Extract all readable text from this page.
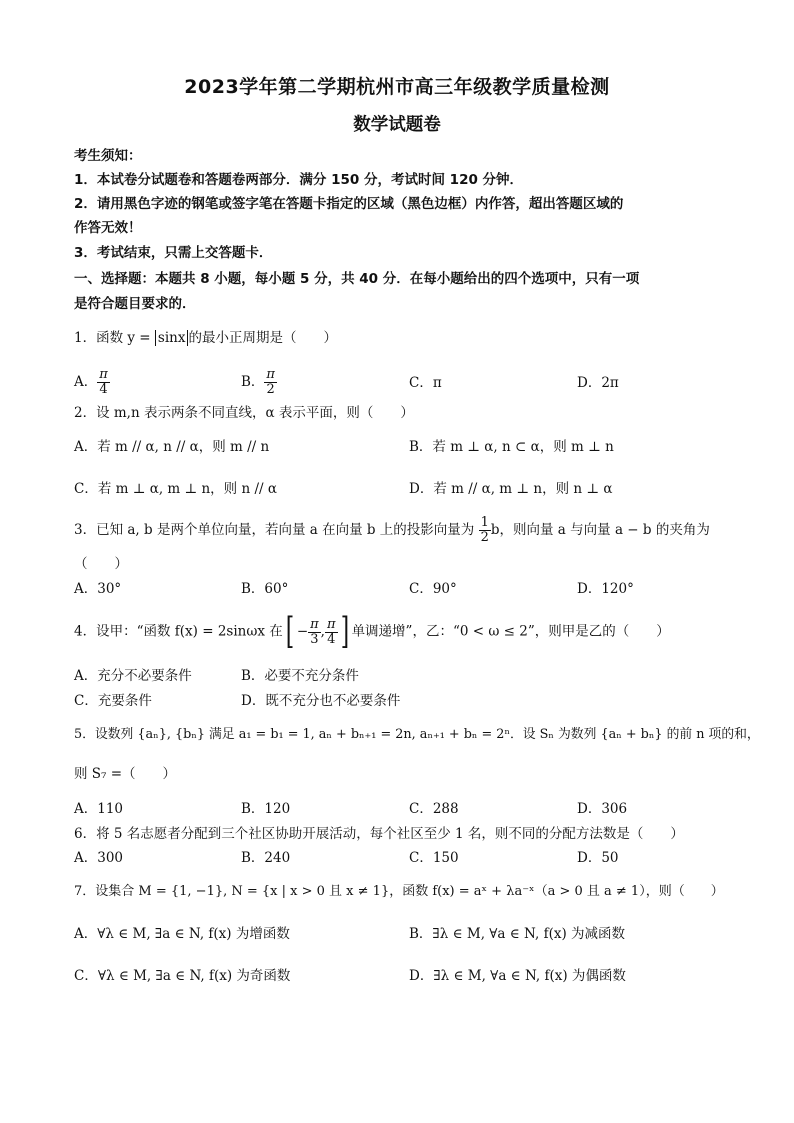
2023学年第二学期杭州市高三年级教学质量检测
数学试题卷
考生须知：
1．本试卷分试题卷和答题卷两部分．满分 150 分，考试时间 120 分钟．
2．请用黑色字迹的钢笔或签字笔在答题卡指定的区域（黑色边框）内作答，超出答题区域的
作答无效！
3．考试结束，只需上交答题卡．
一、选择题：本题共 8 小题，每小题 5 分，共 40 分．在每小题给出的四个选项中，只有一项
是符合题目要求的．
1．函数 y = sinx 的最小正周期是（　　）
A． $\frac{\pi}{4}$	B． $\frac{\pi}{2}$	C．π	D．2π
2．设 m,n 表示两条不同直线，α 表示平面，则（　　）
A．若 m // α, n // α，则 m // n	B．若 m ⊥ α, n ⊂ α，则 m ⊥ n
C．若 m ⊥ α, m ⊥ n，则 n // α	D．若 m // α, m ⊥ n，则 n ⊥ α
3．已知 a, b 是两个单位向量，若向量 a 在向量 b 上的投影向量为 $\frac{1}{2}$ b，则向量 a 与向量 a − b 的夹角为
（　　）
A．30°	B．60°	C．90°	D．120°
4．设甲：“函数 f(x) = 2sinωx 在[ − $\frac{\pi}{3}$ , $\frac{\pi}{4}$ ] 单调递增”，乙：“0 < ω ≤ 2”，则甲是乙的（　　）
A．充分不必要条件	B．必要不充分条件
C．充要条件	D．既不充分也不必要条件
5．设数列 {aₙ}, {bₙ} 满足 a₁ = b₁ = 1, aₙ + bₙ₊₁ = 2n, aₙ₊₁ + bₙ = 2ⁿ．设 Sₙ 为数列 {aₙ + bₙ} 的前 n 项的和，
则 S₇ =（　　）
A．110	B．120	C．288	D．306
6．将 5 名志愿者分配到三个社区协助开展活动，每个社区至少 1 名，则不同的分配方法数是（　　）
A．300	B．240	C．150	D．50
7．设集合 M = {1, −1}, N = {x | x > 0 且 x ≠ 1}，函数 f(x) = aˣ + λa⁻ˣ（a > 0 且 a ≠ 1），则（　　）
A．∀λ ∈ M, ∃a ∈ N, f(x) 为增函数	B．∃λ ∈ M, ∀a ∈ N, f(x) 为减函数
C．∀λ ∈ M, ∃a ∈ N, f(x) 为奇函数	D．∃λ ∈ M, ∀a ∈ N, f(x) 为偶函数
